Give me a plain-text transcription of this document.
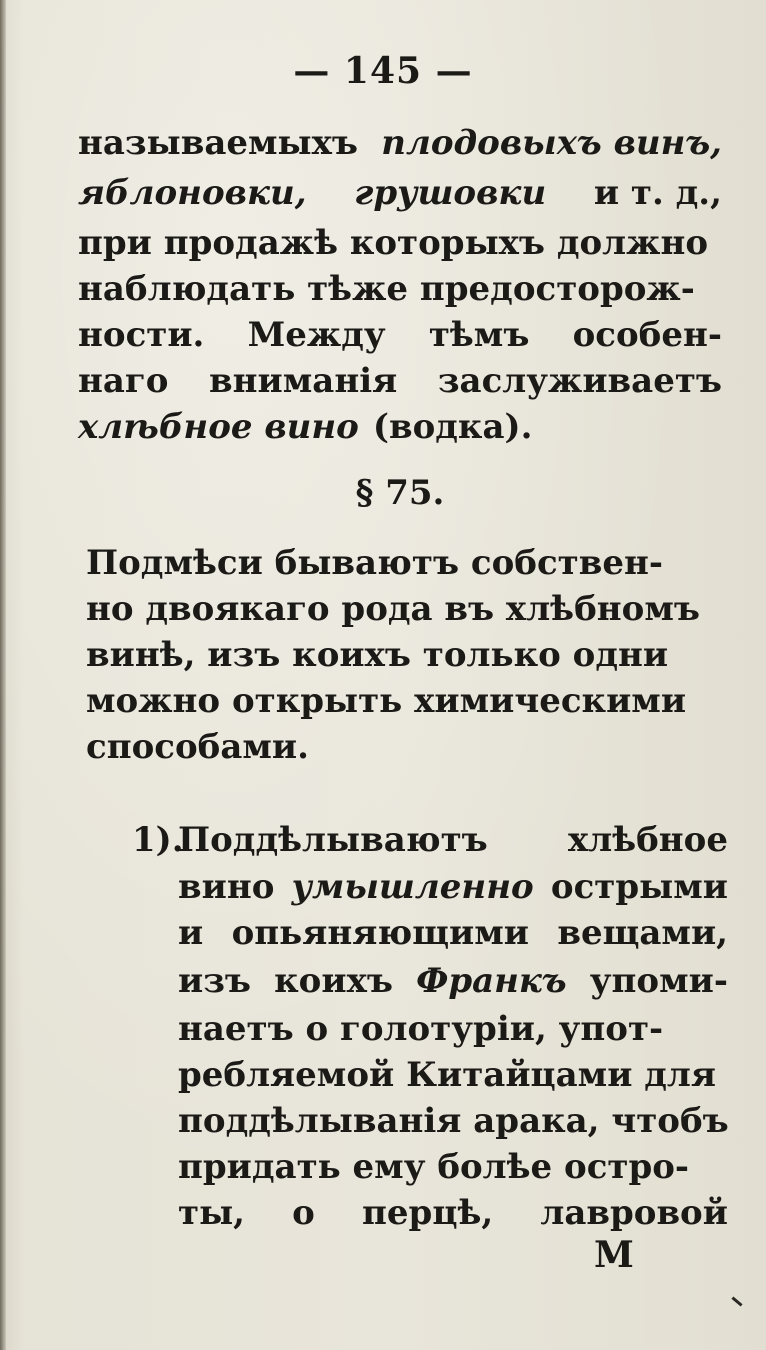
— 145 —
называемыхъ плодовыхъ винъ,
яблоновки, грушовки и т. д.,
при продажѣ которыхъ должно
наблюдать тѣже предосторож-
ности. Между тѣмъ особен-
наго вниманія заслуживаетъ
хлѣбное вино (водка).
§ 75.
Подмѣси бываютъ собствен-
но двоякаго рода въ хлѣбномъ
винѣ, изъ коихъ только одни
можно открыть химическими
способами.
1).
Поддѣлываютъ хлѣбное
вино умышленно острыми
и опьяняющими вещами,
изъ коихъ Франкъ упоми-
наетъ о голотуріи, упот-
ребляемой Китайцами для
поддѣлыванія арака, чтобъ
придать ему болѣе остро-
ты, о перцѣ, лавровой
М
